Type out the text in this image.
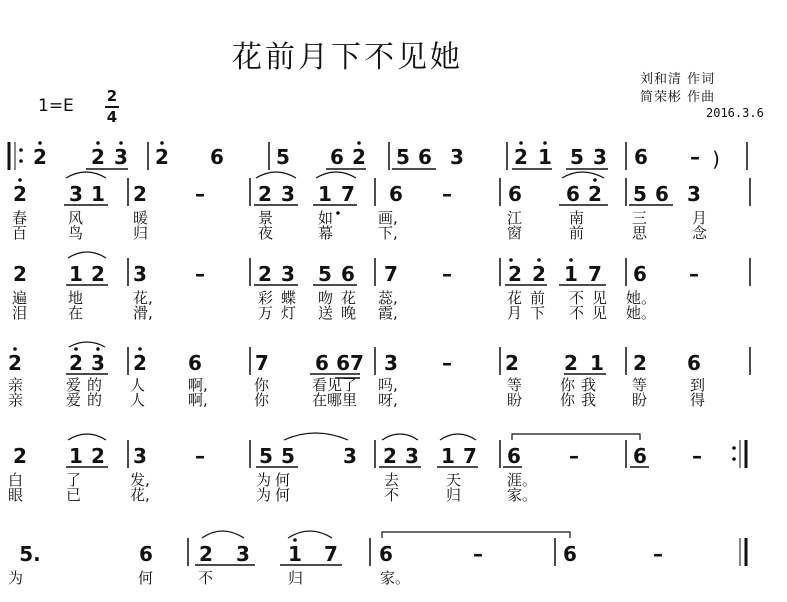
花前月下不见她
刘和清 作词
简荣彬 作曲
2016.3.6
1=E 2
4
2 2 3 2 6	5 6 2 5 6 3	2 1 5 3 6 – )
2 3 1 2 –	2 3 1 7 6 –	6 6 2 5 6 3
2 1 2 3 –	2 3 5 6 7 –	2 2 1 7 6 –
2 2 3 2 6	7 6 67 3 –	2 2 1 2 6
2 1 2 3 –	5 5 3 2 3 1 7 6 –	6 –
5.	6 2 3 1 7 6	–	6	–
春	风	暖	景	如	画,	江	南	三	月
百	鸟	归	夜	幕	下,	窗	前	思	念
遍	地	花,	彩蝶 吻花 蕊,	花前 不见 她。
泪	在	滑,	万灯 送晚 霞,	月下 不见 她。
亲	爱的 人	啊,	你	看见了 吗,	等	你我 等	到
亲	爱的 人	啊,	你	在哪里 呀,	盼	你我 盼	得
白	了	发,	为何	去	天	涯。
眼	已	花,	为何	不	归	家。
为	何	不	归	家。
